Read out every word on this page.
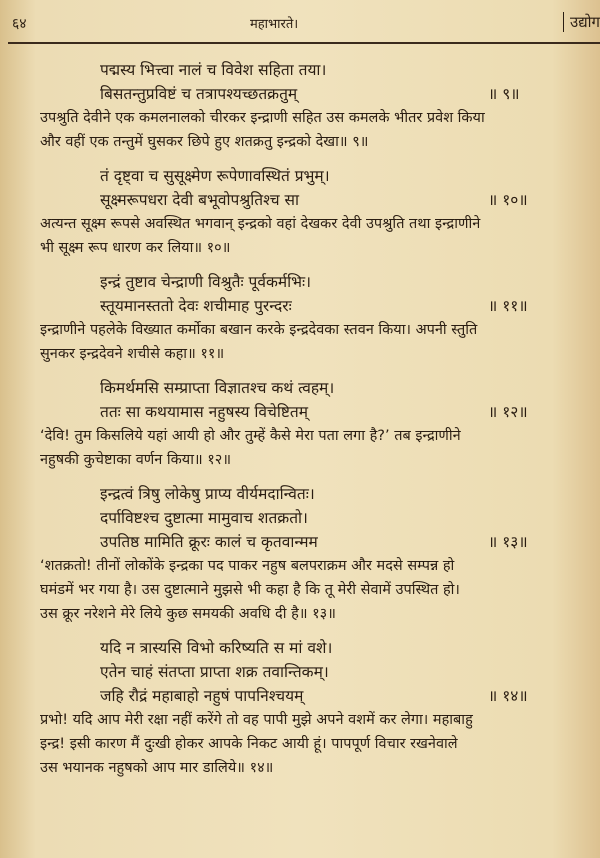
६४	महाभारते।	उद्योग
पद्मस्य भित्त्वा नालं च विवेश सहिता तया।
बिसतन्तुप्रविष्टं च तत्रापश्यच्छतक्रतुम्	॥ ९॥
उपश्रुति देवीने एक कमलनालको चीरकर इन्द्राणी सहित उस कमलके भीतर प्रवेश किया
और वहीं एक तन्तुमें घुसकर छिपे हुए शतक्रतु इन्द्रको देखा॥ ९॥
तं दृष्ट्वा च सुसूक्ष्मेण रूपेणावस्थितं प्रभुम्।
सूक्ष्मरूपधरा देवी बभूवोपश्रुतिश्च सा	॥ १०॥
अत्यन्त सूक्ष्म रूपसे अवस्थित भगवान् इन्द्रको वहां देखकर देवी उपश्रुति तथा इन्द्राणीने
भी सूक्ष्म रूप धारण कर लिया॥ १०॥
इन्द्रं तुष्टाव चेन्द्राणी विश्रुतैः पूर्वकर्मभिः।
स्तूयमानस्ततो देवः शचीमाह पुरन्दरः	॥ ११॥
इन्द्राणीने पहलेके विख्यात कर्मोका बखान करके इन्द्रदेवका स्तवन किया। अपनी स्तुति
सुनकर इन्द्रदेवने शचीसे कहा॥ ११॥
किमर्थमसि सम्प्राप्ता विज्ञातश्च कथं त्वहम्।
ततः सा कथयामास नहुषस्य विचेष्टितम्	॥ १२॥
‘देवि! तुम किसलिये यहां आयी हो और तुम्हें कैसे मेरा पता लगा है?’ तब इन्द्राणीने
नहुषकी कुचेष्टाका वर्णन किया॥ १२॥
इन्द्रत्वं त्रिषु लोकेषु प्राप्य वीर्यमदान्वितः।
दर्पाविष्टश्च दुष्टात्मा मामुवाच शतक्रतो।
उपतिष्ठ मामिति क्रूरः कालं च कृतवान्मम	॥ १३॥
‘शतक्रतो! तीनों लोकोंके इन्द्रका पद पाकर नहुष बलपराक्रम और मदसे सम्पन्न हो
घमंडमें भर गया है। उस दुष्टात्माने मुझसे भी कहा है कि तू मेरी सेवामें उपस्थित हो।
उस क्रूर नरेशने मेरे लिये कुछ समयकी अवधि दी है॥ १३॥
यदि न त्रास्यसि विभो करिष्यति स मां वशे।
एतेन चाहं संतप्ता प्राप्ता शक्र तवान्तिकम्।
जहि रौद्रं महाबाहो नहुषं पापनिश्चयम्	॥ १४॥
प्रभो! यदि आप मेरी रक्षा नहीं करेंगे तो वह पापी मुझे अपने वशमें कर लेगा। महाबाहु
इन्द्र! इसी कारण मैं दुःखी होकर आपके निकट आयी हूं। पापपूर्ण विचार रखनेवाले
उस भयानक नहुषको आप मार डालिये॥ १४॥
